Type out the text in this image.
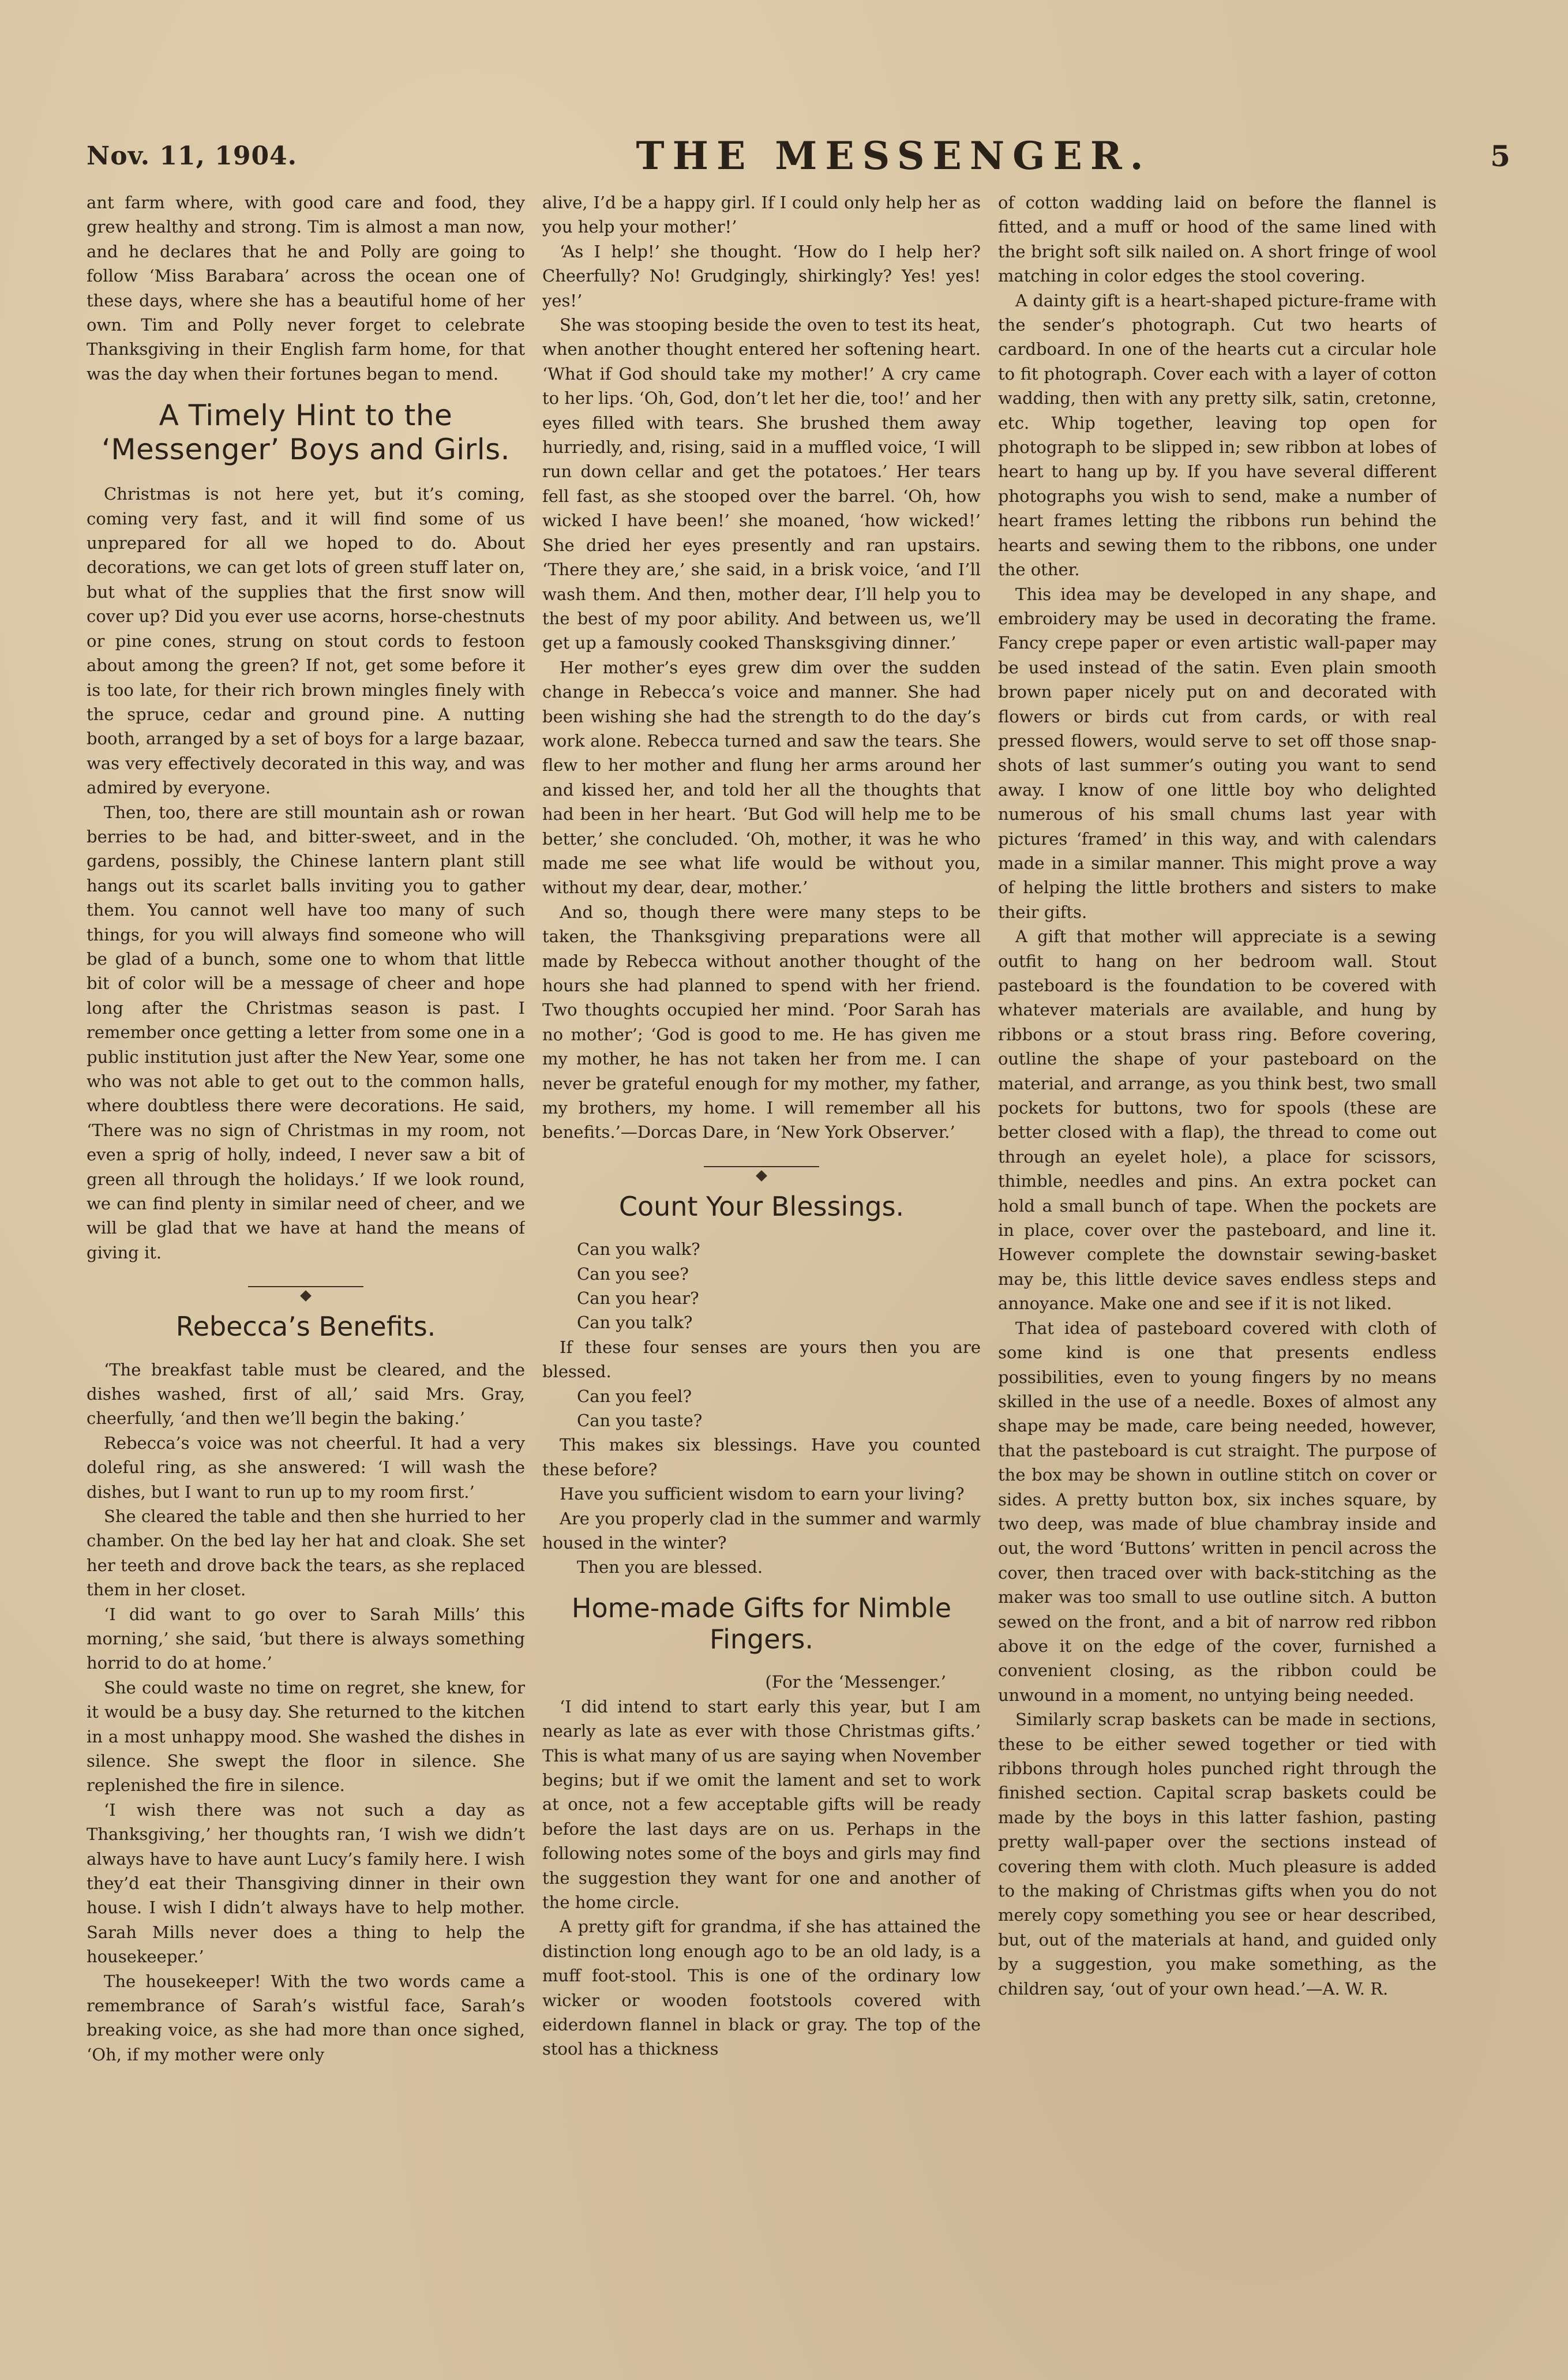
Nov. 11, 1904.	THE MESSENGER.	5

ant farm where, with good care and food, they grew healthy and strong. Tim is almost a man now, and he declares that he and Polly are going to follow ‘Miss Barabara’ across the ocean one of these days, where she has a beautiful home of her own. Tim and Polly never forget to celebrate Thanksgiving in their English farm home, for that was the day when their fortunes began to mend.

A Timely Hint to the ‘Messenger’ Boys and Girls.

Christmas is not here yet, but it’s coming, coming very fast, and it will find some of us unprepared for all we hoped to do. About decorations, we can get lots of green stuff later on, but what of the supplies that the first snow will cover up? Did you ever use acorns, horse-chestnuts or pine cones, strung on stout cords to festoon about among the green? If not, get some before it is too late, for their rich brown mingles finely with the spruce, cedar and ground pine. A nutting booth, arranged by a set of boys for a large bazaar, was very effectively decorated in this way, and was admired by everyone.

Then, too, there are still mountain ash or rowan berries to be had, and bitter-sweet, and in the gardens, possibly, the Chinese lantern plant still hangs out its scarlet balls inviting you to gather them. You cannot well have too many of such things, for you will always find someone who will be glad of a bunch, some one to whom that little bit of color will be a message of cheer and hope long after the Christmas season is past. I remember once getting a letter from some one in a public institution just after the New Year, some one who was not able to get out to the common halls, where doubtless there were decorations. He said, ‘There was no sign of Christmas in my room, not even a sprig of holly, indeed, I never saw a bit of green all through the holidays.’ If we look round, we can find plenty in similar need of cheer, and we will be glad that we have at hand the means of giving it.

Rebecca’s Benefits.

‘The breakfast table must be cleared, and the dishes washed, first of all,’ said Mrs. Gray, cheerfully, ‘and then we’ll begin the baking.’

Rebecca’s voice was not cheerful. It had a very doleful ring, as she answered: ‘I will wash the dishes, but I want to run up to my room first.’

She cleared the table and then she hurried to her chamber. On the bed lay her hat and cloak. She set her teeth and drove back the tears, as she replaced them in her closet.

‘I did want to go over to Sarah Mills’ this morning,’ she said, ‘but there is always something horrid to do at home.’

She could waste no time on regret, she knew, for it would be a busy day. She returned to the kitchen in a most unhappy mood. She washed the dishes in silence. She swept the floor in silence. She replenished the fire in silence.

‘I wish there was not such a day as Thanksgiving,’ her thoughts ran, ‘I wish we didn’t always have to have aunt Lucy’s family here. I wish they’d eat their Thansgiving dinner in their own house. I wish I didn’t always have to help mother. Sarah Mills never does a thing to help the housekeeper.’

The housekeeper! With the two words came a remembrance of Sarah’s wistful face, Sarah’s breaking voice, as she had more than once sighed, ‘Oh, if my mother were only

alive, I’d be a happy girl. If I could only help her as you help your mother!’

‘As I help!’ she thought. ‘How do I help her? Cheerfully? No! Grudgingly, shirkingly? Yes! yes! yes!’

She was stooping beside the oven to test its heat, when another thought entered her softening heart. ‘What if God should take my mother!’ A cry came to her lips. ‘Oh, God, don’t let her die, too!’ and her eyes filled with tears. She brushed them away hurriedly, and, rising, said in a muffled voice, ‘I will run down cellar and get the potatoes.’ Her tears fell fast, as she stooped over the barrel. ‘Oh, how wicked I have been!’ she moaned, ‘how wicked!’ She dried her eyes presently and ran upstairs. ‘There they are,’ she said, in a brisk voice, ‘and I’ll wash them. And then, mother dear, I’ll help you to the best of my poor ability. And between us, we’ll get up a famously cooked Thansksgiving dinner.’

Her mother’s eyes grew dim over the sudden change in Rebecca’s voice and manner. She had been wishing she had the strength to do the day’s work alone. Rebecca turned and saw the tears. She flew to her mother and flung her arms around her and kissed her, and told her all the thoughts that had been in her heart. ‘But God will help me to be better,’ she concluded. ‘Oh, mother, it was he who made me see what life would be without you, without my dear, dear, mother.’

And so, though there were many steps to be taken, the Thanksgiving preparations were all made by Rebecca without another thought of the hours she had planned to spend with her friend. Two thoughts occupied her mind. ‘Poor Sarah has no mother’; ‘God is good to me. He has given me my mother, he has not taken her from me. I can never be grateful enough for my mother, my father, my brothers, my home. I will remember all his benefits.’—Dorcas Dare, in ‘New York Observer.’

Count Your Blessings.

Can you walk?

Can you see?

Can you hear?

Can you talk?

If these four senses are yours then you are blessed.

Can you feel?

Can you taste?

This makes six blessings. Have you counted these before?

Have you sufficient wisdom to earn your living?

Are you properly clad in the summer and warmly housed in the winter?

Then you are blessed.

Home-made Gifts for Nimble Fingers.

(For the ‘Messenger.’

‘I did intend to start early this year, but I am nearly as late as ever with those Christmas gifts.’ This is what many of us are saying when November begins; but if we omit the lament and set to work at once, not a few acceptable gifts will be ready before the last days are on us. Perhaps in the following notes some of the boys and girls may find the suggestion they want for one and another of the home circle.

A pretty gift for grandma, if she has attained the distinction long enough ago to be an old lady, is a muff foot-stool. This is one of the ordinary low wicker or wooden footstools covered with eiderdown flannel in black or gray. The top of the stool has a thickness

of cotton wadding laid on before the flannel is fitted, and a muff or hood of the same lined with the bright soft silk nailed on. A short fringe of wool matching in color edges the stool covering.

A dainty gift is a heart-shaped picture-frame with the sender’s photograph. Cut two hearts of cardboard. In one of the hearts cut a circular hole to fit photograph. Cover each with a layer of cotton wadding, then with any pretty silk, satin, cretonne, etc. Whip together, leaving top open for photograph to be slipped in; sew ribbon at lobes of heart to hang up by. If you have several different photographs you wish to send, make a number of heart frames letting the ribbons run behind the hearts and sewing them to the ribbons, one under the other.

This idea may be developed in any shape, and embroidery may be used in decorating the frame. Fancy crepe paper or even artistic wall-paper may be used instead of the satin. Even plain smooth brown paper nicely put on and decorated with flowers or birds cut from cards, or with real pressed flowers, would serve to set off those snap-shots of last summer’s outing you want to send away. I know of one little boy who delighted numerous of his small chums last year with pictures ‘framed’ in this way, and with calendars made in a similar manner. This might prove a way of helping the little brothers and sisters to make their gifts.

A gift that mother will appreciate is a sewing outfit to hang on her bedroom wall. Stout pasteboard is the foundation to be covered with whatever materials are available, and hung by ribbons or a stout brass ring. Before covering, outline the shape of your pasteboard on the material, and arrange, as you think best, two small pockets for buttons, two for spools (these are better closed with a flap), the thread to come out through an eyelet hole), a place for scissors, thimble, needles and pins. An extra pocket can hold a small bunch of tape. When the pockets are in place, cover over the pasteboard, and line it. However complete the downstair sewing-basket may be, this little device saves endless steps and annoyance. Make one and see if it is not liked.

That idea of pasteboard covered with cloth of some kind is one that presents endless possibilities, even to young fingers by no means skilled in the use of a needle. Boxes of almost any shape may be made, care being needed, however, that the pasteboard is cut straight. The purpose of the box may be shown in outline stitch on cover or sides. A pretty button box, six inches square, by two deep, was made of blue chambray inside and out, the word ‘Buttons’ written in pencil across the cover, then traced over with back-stitching as the maker was too small to use outline sitch. A button sewed on the front, and a bit of narrow red ribbon above it on the edge of the cover, furnished a convenient closing, as the ribbon could be unwound in a moment, no untying being needed.

Similarly scrap baskets can be made in sections, these to be either sewed together or tied with ribbons through holes punched right through the finished section. Capital scrap baskets could be made by the boys in this latter fashion, pasting pretty wall-paper over the sections instead of covering them with cloth. Much pleasure is added to the making of Christmas gifts when you do not merely copy something you see or hear described, but, out of the materials at hand, and guided only by a suggestion, you make something, as the children say, ‘out of your own head.’—A. W. R.
